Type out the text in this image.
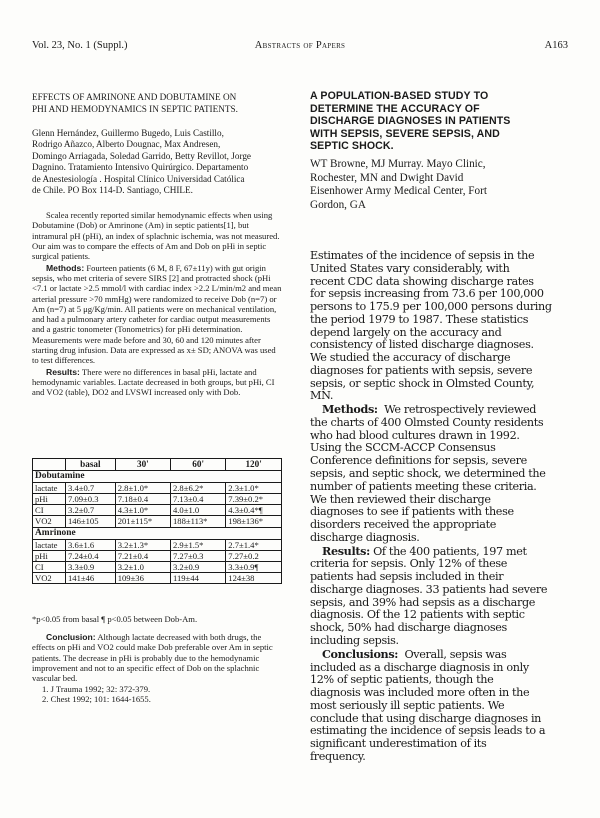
Vol. 23, No. 1 (Suppl.)	Abstracts of Papers	A163
EFFECTS OF AMRINONE AND DOBUTAMINE ON
PHI AND HEMODYNAMICS IN SEPTIC PATIENTS.
Glenn Hernández, Guillermo Bugedo, Luis Castillo,
Rodrigo Añazco, Alberto Dougnac, Max Andresen,
Domingo Arriagada, Soledad Garrido, Betty Revillot, Jorge
Dagnino. Tratamiento Intensivo Quirúrgico. Departamento
de Anestesiología . Hospital Clínico Universidad Católica
de Chile. PO Box 114-D. Santiago, CHILE.

Scalea recently reported similar hemodynamic effects when using Dobutamine (Dob) or Amrinone (Am) in septic patients[1], but intramural pH (pHi), an index of splachnic ischemia, was not measured. Our aim was to compare the effects of Am and Dob on pHi in septic surgical patients.

Methods: Fourteen patients (6 M, 8 F, 67±11y) with gut origin sepsis, who met criteria of severe SIRS [2] and protracted shock (pHi <7.1 or lactate >2.5 mmol/l with cardiac index >2.2 L/min/m2 and mean arterial pressure >70 mmHg) were randomized to receive Dob (n=7) or Am (n=7) at 5 μg/Kg/min. All patients were on mechanical ventilation, and had a pulmonary artery catheter for cardiac output measurements and a gastric tonometer (Tonometrics) for pHi determination. Measurements were made before and 30, 60 and 120 minutes after starting drug infusion. Data are expressed as x± SD; ANOVA was used to test differences.

Results: There were no differences in basal pHi, lactate and hemodynamic variables. Lactate decreased in both groups, but pHi, CI and VO2 (table), DO2 and LVSWI increased only with Dob.

	basal	30'	60'	120'
Dobutamine				
lactate	3.4±0.7	2.8±1.0*	2.8±6.2*	2.3±1.0*
pHi	7.09±0.3	7.18±0.4	7.13±0.4	7.39±0.2*
CI	3.2±0.7	4.3±1.0*	4.0±1.0	4.3±0.4*¶
VO2	146±105	201±115*	188±113*	198±136*
Amrinone				
lactate	3.6±1.6	3.2±1.3*	2.9±1.5*	2.7±1.4*
pHi	7.24±0.4	7.21±0.4	7.27±0.3	7.27±0.2
CI	3.3±0.9	3.2±1.0	3.2±0.9	3.3±0.9¶
VO2	141±46	109±36	119±44	124±38
*p<0.05 from basal ¶ p<0.05 between Dob-Am.

Conclusion: Although lactate decreased with both drugs, the effects on pHi and VO2 could make Dob preferable over Am in septic patients. The decrease in pHi is probably due to the hemodynamic improvement and not to an specific effect of Dob on the splachnic vascular bed.

1. J Trauma 1992; 32: 372-379.
2. Chest 1992; 101: 1644-1655.
A POPULATION-BASED STUDY TO
DETERMINE THE ACCURACY OF
DISCHARGE DIAGNOSES IN PATIENTS
WITH SEPSIS, SEVERE SEPSIS, AND
SEPTIC SHOCK.
WT Browne, MJ Murray. Mayo Clinic,
Rochester, MN and Dwight David
Eisenhower Army Medical Center, Fort
Gordon, GA
Estimates of the incidence of sepsis in the
United States vary considerably, with
recent CDC data showing discharge rates
for sepsis increasing from 73.6 per 100,000
persons to 175.9 per 100,000 persons during
the period 1979 to 1987. These statistics
depend largely on the accuracy and
consistency of listed discharge diagnoses.
We studied the accuracy of discharge
diagnoses for patients with sepsis, severe
sepsis, or septic shock in Olmsted County,
MN.
Methods:  We retrospectively reviewed
the charts of 400 Olmsted County residents
who had blood cultures drawn in 1992.
Using the SCCM-ACCP Consensus
Conference definitions for sepsis, severe
sepsis, and septic shock, we determined the
number of patients meeting these criteria.
We then reviewed their discharge
diagnoses to see if patients with these
disorders received the appropriate
discharge diagnosis.
Results: Of the 400 patients, 197 met
criteria for sepsis. Only 12% of these
patients had sepsis included in their
discharge diagnoses. 33 patients had severe
sepsis, and 39% had sepsis as a discharge
diagnosis. Of the 12 patients with septic
shock, 50% had discharge diagnoses
including sepsis.
Conclusions:  Overall, sepsis was
included as a discharge diagnosis in only
12% of septic patients, though the
diagnosis was included more often in the
most seriously ill septic patients. We
conclude that using discharge diagnoses in
estimating the incidence of sepsis leads to a
significant underestimation of its
frequency.
